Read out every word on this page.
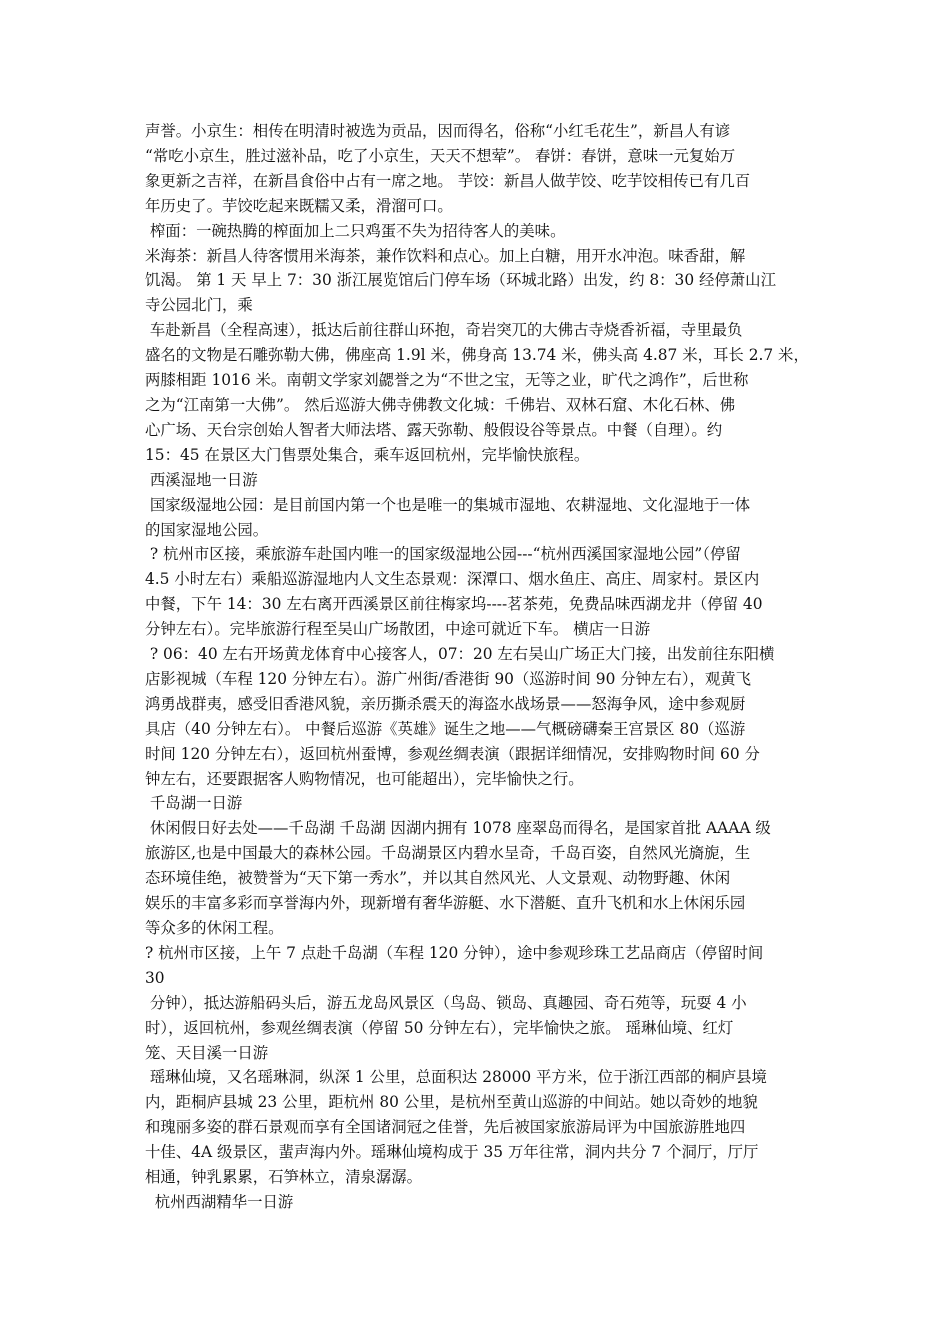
声誉。小京生：相传在明清时被选为贡品，因而得名，俗称“小红毛花生”，新昌人有谚

“常吃小京生，胜过滋补品，吃了小京生，天天不想荤”。 春饼：春饼，意味一元复始万

象更新之吉祥，在新昌食俗中占有一席之地。 芋饺：新昌人做芋饺、吃芋饺相传已有几百

年历史了。芋饺吃起来既糯又柔，滑溜可口。

榨面：一碗热腾的榨面加上二只鸡蛋不失为招待客人的美味。

米海茶：新昌人待客惯用米海茶，兼作饮料和点心。加上白糖，用开水冲泡。味香甜，解

饥渴。 第 1 天 早上 7：30 浙江展览馆后门停车场（环城北路）出发，约 8：30 经停萧山江

寺公园北门，乘

车赴新昌（全程高速），抵达后前往群山环抱，奇岩突兀的大佛古寺烧香祈福，寺里最负

盛名的文物是石雕弥勒大佛，佛座高 1.9l 米，佛身高 13.74 米，佛头高 4.87 米，耳长 2.7 米，

两膝相距 1016 米。南朝文学家刘勰誉之为“不世之宝，无等之业，旷代之鸿作”，后世称

之为“江南第一大佛”。 然后巡游大佛寺佛教文化城：千佛岩、双林石窟、木化石林、佛

心广场、天台宗创始人智者大师法塔、露天弥勒、般假设谷等景点。中餐（自理）。约

15：45 在景区大门售票处集合，乘车返回杭州，完毕愉快旅程。

西溪湿地一日游

国家级湿地公园：是目前国内第一个也是唯一的集城市湿地、农耕湿地、文化湿地于一体

的国家湿地公园。

? 杭州市区接，乘旅游车赴国内唯一的国家级湿地公园---“杭州西溪国家湿地公园”（停留

4.5 小时左右）乘船巡游湿地内人文生态景观：深潭口、烟水鱼庄、高庄、周家村。景区内

中餐，下午 14：30 左右离开西溪景区前往梅家坞----茗茶苑，免费品味西湖龙井（停留 40

分钟左右）。完毕旅游行程至吴山广场散团，中途可就近下车。 横店一日游

? 06：40 左右开场黄龙体育中心接客人，07：20 左右吴山广场正大门接，出发前往东阳横

店影视城（车程 120 分钟左右）。游广州街/香港街 90（巡游时间 90 分钟左右），观黄飞

鸿勇战群夷，感受旧香港风貌，亲历撕杀震天的海盗水战场景——怒海争风，途中参观厨

具店（40 分钟左右）。 中餐后巡游《英雄》诞生之地——气概磅礴秦王宫景区 80（巡游

时间 120 分钟左右），返回杭州蚕博，参观丝绸表演（跟据详细情况，安排购物时间 60 分

钟左右，还要跟据客人购物情况，也可能超出），完毕愉快之行。

千岛湖一日游

休闲假日好去处——千岛湖 千岛湖 因湖内拥有 1078 座翠岛而得名，是国家首批 AAAA 级

旅游区,也是中国最大的森林公园。千岛湖景区内碧水呈奇，千岛百姿，自然风光旖旎，生

态环境佳绝，被赞誉为“天下第一秀水”，并以其自然风光、人文景观、动物野趣、休闲

娱乐的丰富多彩而享誉海内外，现新增有奢华游艇、水下潜艇、直升飞机和水上休闲乐园

等众多的休闲工程。

? 杭州市区接，上午 7 点赴千岛湖（车程 120 分钟），途中参观珍珠工艺品商店（停留时间

30

分钟），抵达游船码头后，游五龙岛风景区（鸟岛、锁岛、真趣园、奇石苑等，玩耍 4 小

时），返回杭州，参观丝绸表演（停留 50 分钟左右），完毕愉快之旅。 瑶琳仙境、红灯

笼、天目溪一日游

瑶琳仙境，又名瑶琳洞，纵深 1 公里，总面积达 28000 平方米，位于浙江西部的桐庐县境

内，距桐庐县城 23 公里，距杭州 80 公里，是杭州至黄山巡游的中间站。她以奇妙的地貌

和瑰丽多姿的群石景观而享有全国诸洞冠之佳誉，先后被国家旅游局评为中国旅游胜地四

十佳、4A 级景区，蜚声海内外。瑶琳仙境构成于 35 万年往常，洞内共分 7 个洞厅，厅厅

相通，钟乳累累，石笋林立，清泉潺潺。

杭州西湖精华一日游
